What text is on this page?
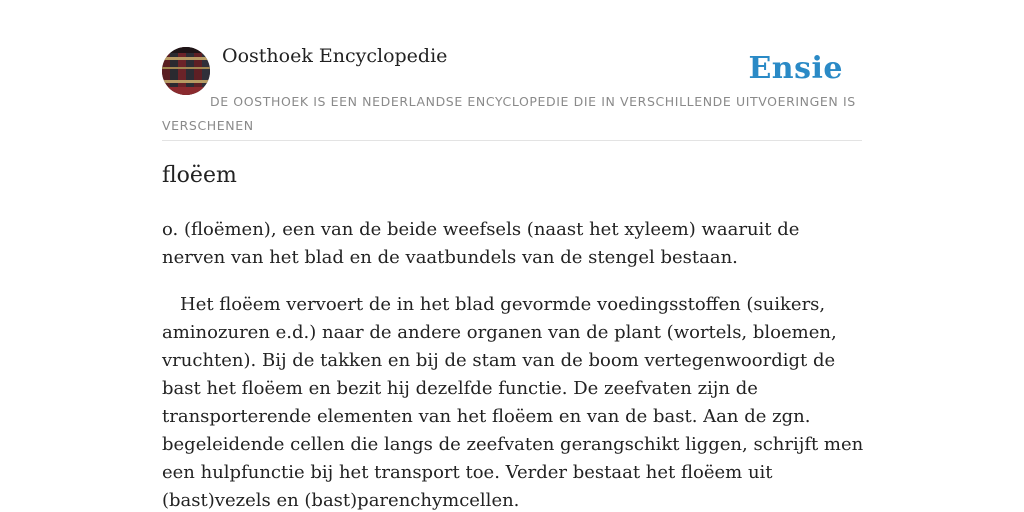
Oosthoek Encyclopedie	Ensie
DE OOSTHOEK IS EEN NEDERLANDSE ENCYCLOPEDIE DIE IN VERSCHILLENDE UITVOERINGEN IS VERSCHENEN
floëem

o. (floëmen), een van de beide weefsels (naast het xyleem) waaruit de nerven van het blad en de vaatbundels van de stengel bestaan.

Het floëem vervoert de in het blad gevormde voedingsstoffen (suikers, aminozuren e.d.) naar de andere organen van de plant (wortels, bloemen, vruchten). Bij de takken en bij de stam van de boom vertegenwoordigt de bast het floëem en bezit hij dezelfde functie. De zeefvaten zijn de transporterende elementen van het floëem en van de bast. Aan de zgn. begeleidende cellen die langs de zeefvaten gerangschikt liggen, schrijft men een hulpfunctie bij het transport toe. Verder bestaat het floëem uit (bast)vezels en (bast)parenchymcellen.
